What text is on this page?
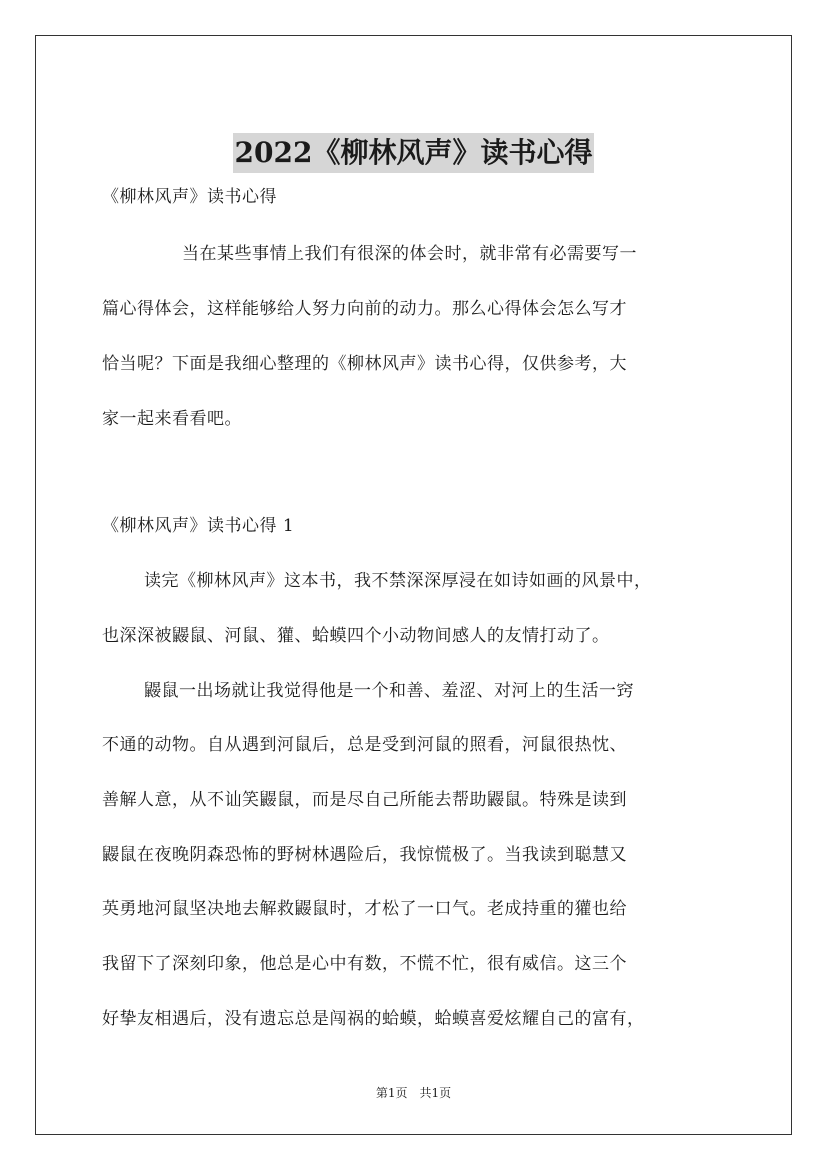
2022《柳林风声》读书心得
《柳林风声》读书心得
当在某些事情上我们有很深的体会时，就非常有必需要写一
篇心得体会，这样能够给人努力向前的动力。那么心得体会怎么写才
恰当呢？下面是我细心整理的《柳林风声》读书心得，仅供参考，大
家一起来看看吧。
《柳林风声》读书心得 1
读完《柳林风声》这本书，我不禁深深厚浸在如诗如画的风景中，
也深深被鼹鼠、河鼠、獾、蛤蟆四个小动物间感人的友情打动了。
鼹鼠一出场就让我觉得他是一个和善、羞涩、对河上的生活一窍
不通的动物。自从遇到河鼠后，总是受到河鼠的照看，河鼠很热忱、
善解人意，从不讪笑鼹鼠，而是尽自己所能去帮助鼹鼠。特殊是读到
鼹鼠在夜晚阴森恐怖的野树林遇险后，我惊慌极了。当我读到聪慧又
英勇地河鼠坚决地去解救鼹鼠时，才松了一口气。老成持重的獾也给
我留下了深刻印象，他总是心中有数，不慌不忙，很有威信。这三个
好挚友相遇后，没有遗忘总是闯祸的蛤蟆，蛤蟆喜爱炫耀自己的富有，
第1页　共1页
